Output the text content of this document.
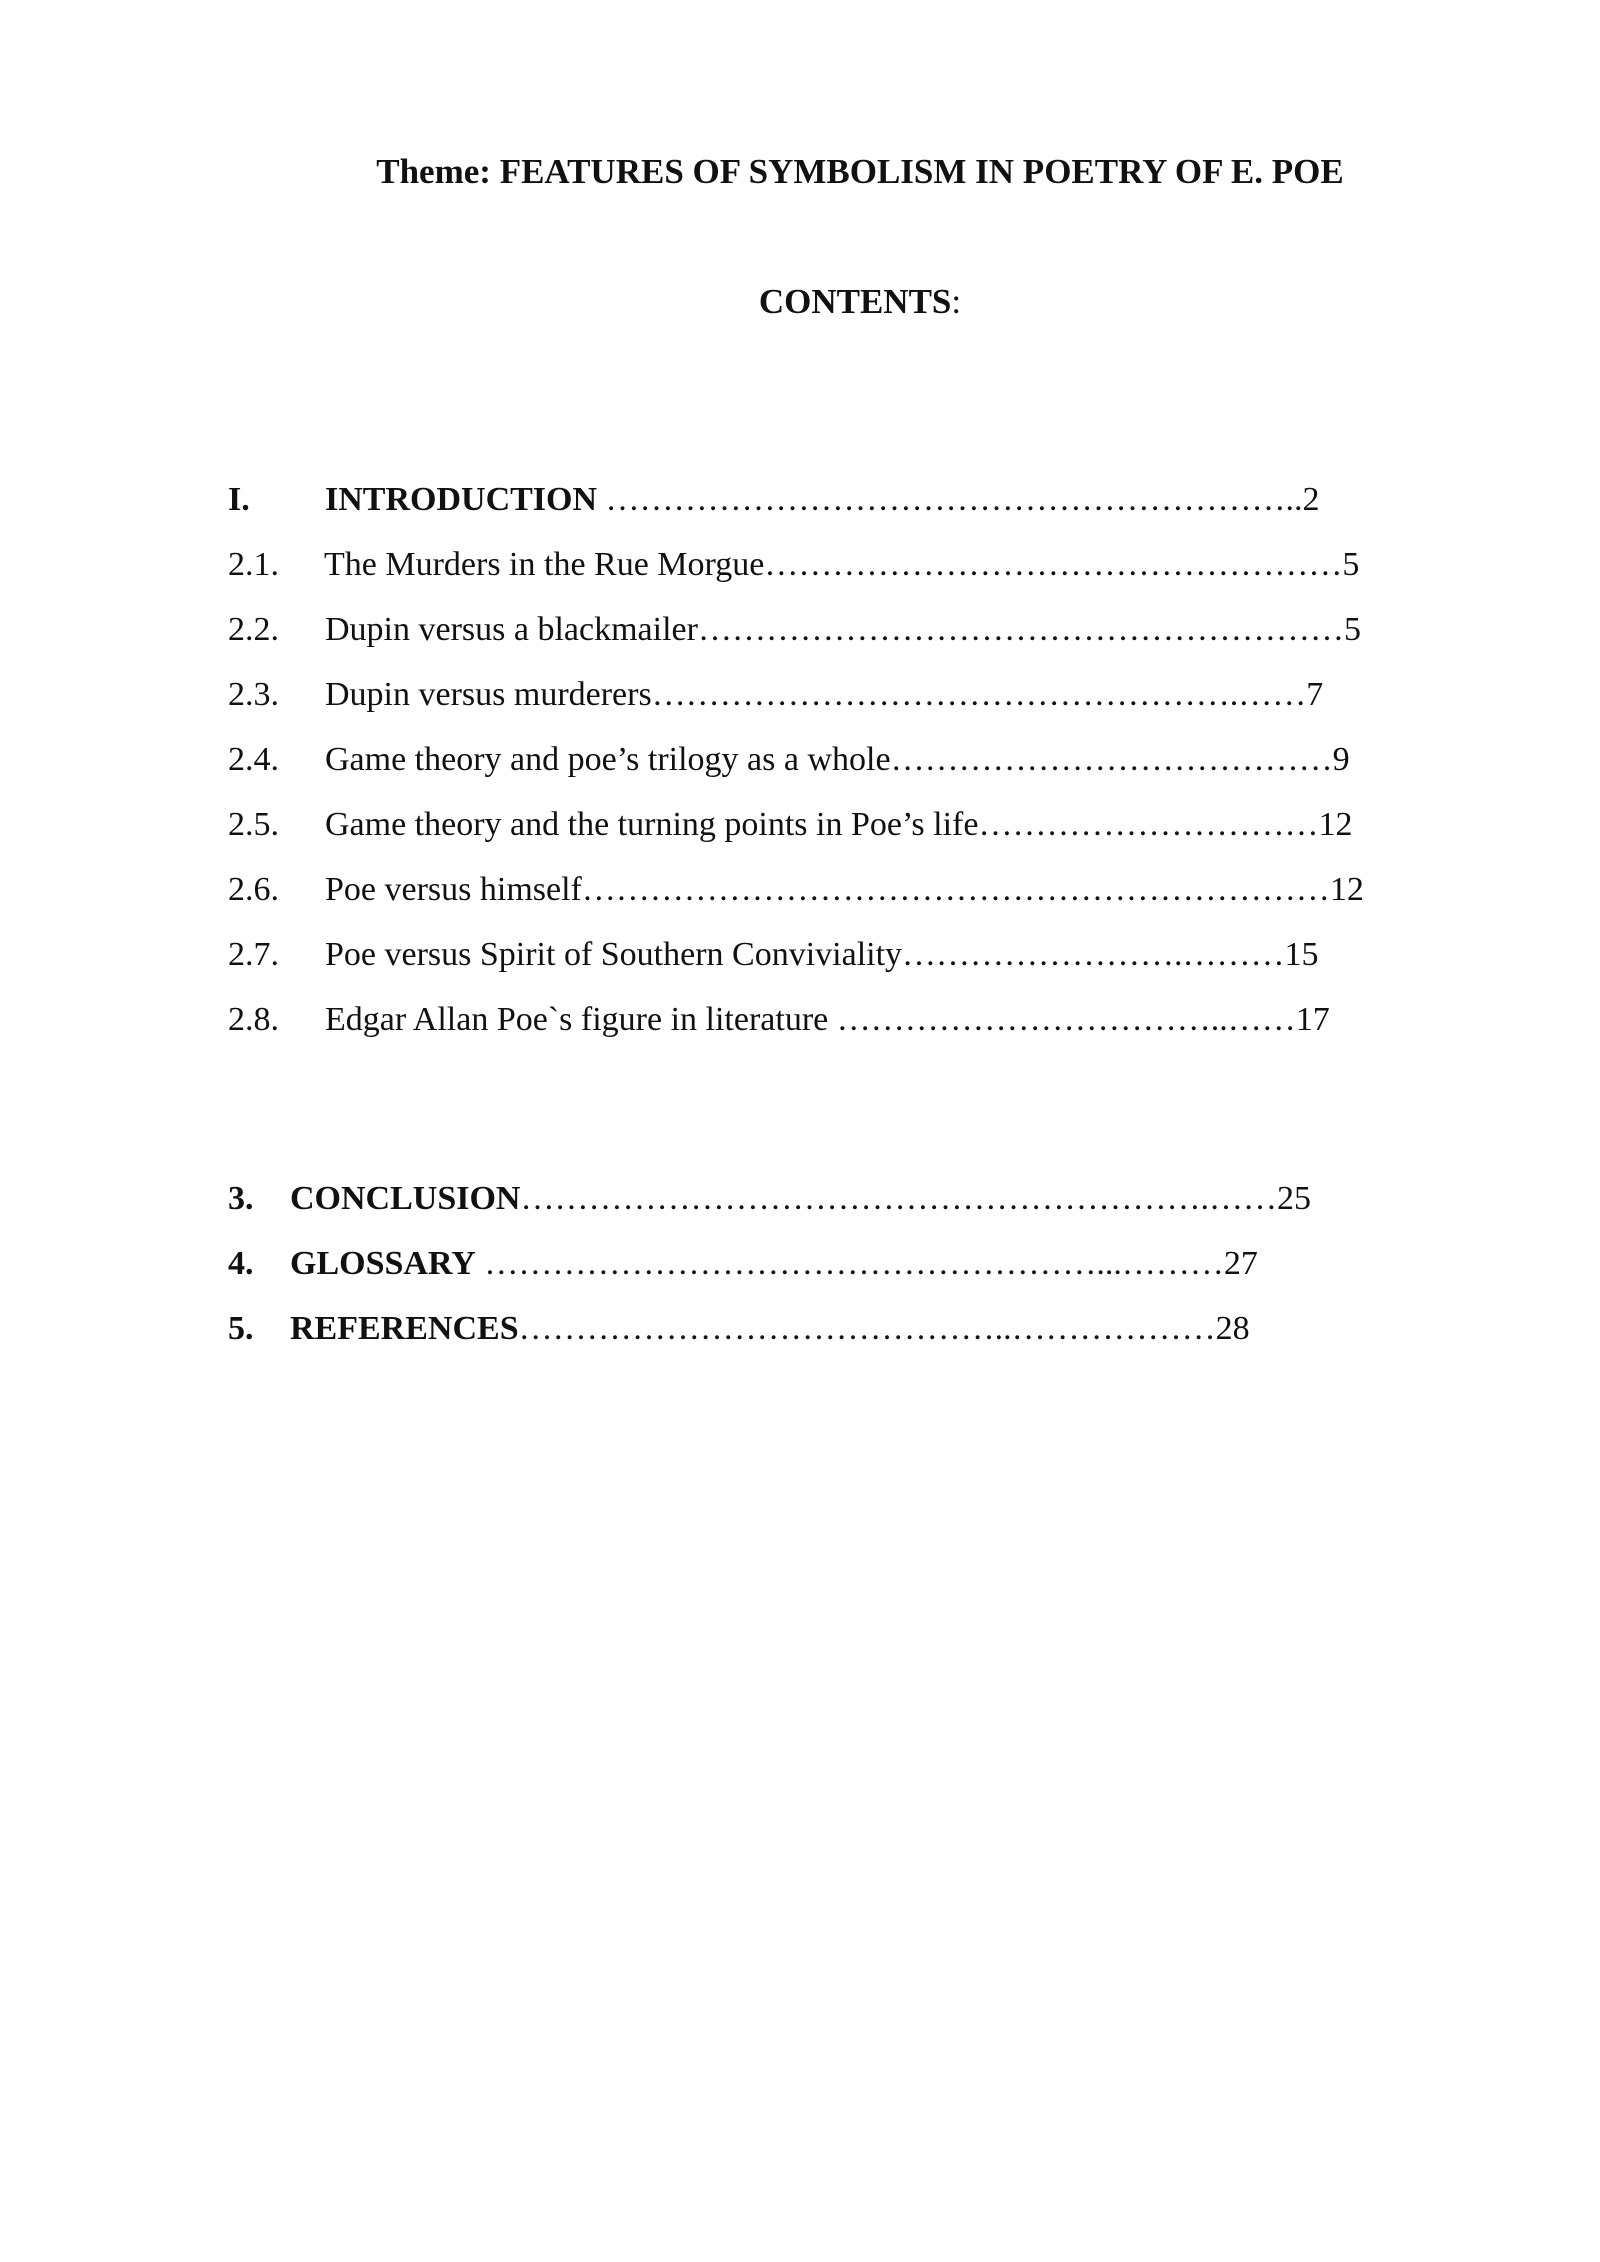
Theme: FEATURES OF SYMBOLISM IN POETRY OF E. POE
CONTENTS:
I. INTRODUCTION ……………………………………………………..2
2.1. The Murders in the Rue Morgue……………………………………………5
2.2. Dupin versus a blackmailer…………………………………………………5
2.3. Dupin versus murderers…………………………………………….……7
2.4. Game theory and poe’s trilogy as a whole…………………………………9
2.5. Game theory and the turning points in Poe’s life…………………………12
2.6. Poe versus himself…………………………………………………………12
2.7. Poe versus Spirit of Southern Conviviality…………………….………15
2.8. Edgar Allan Poe`s figure in literature ……………………………..……17
3. CONCLUSION…………………………………………………….……25
4. GLOSSARY ………………………………………………...………27
5. REFERENCES……………………………………..………………28
